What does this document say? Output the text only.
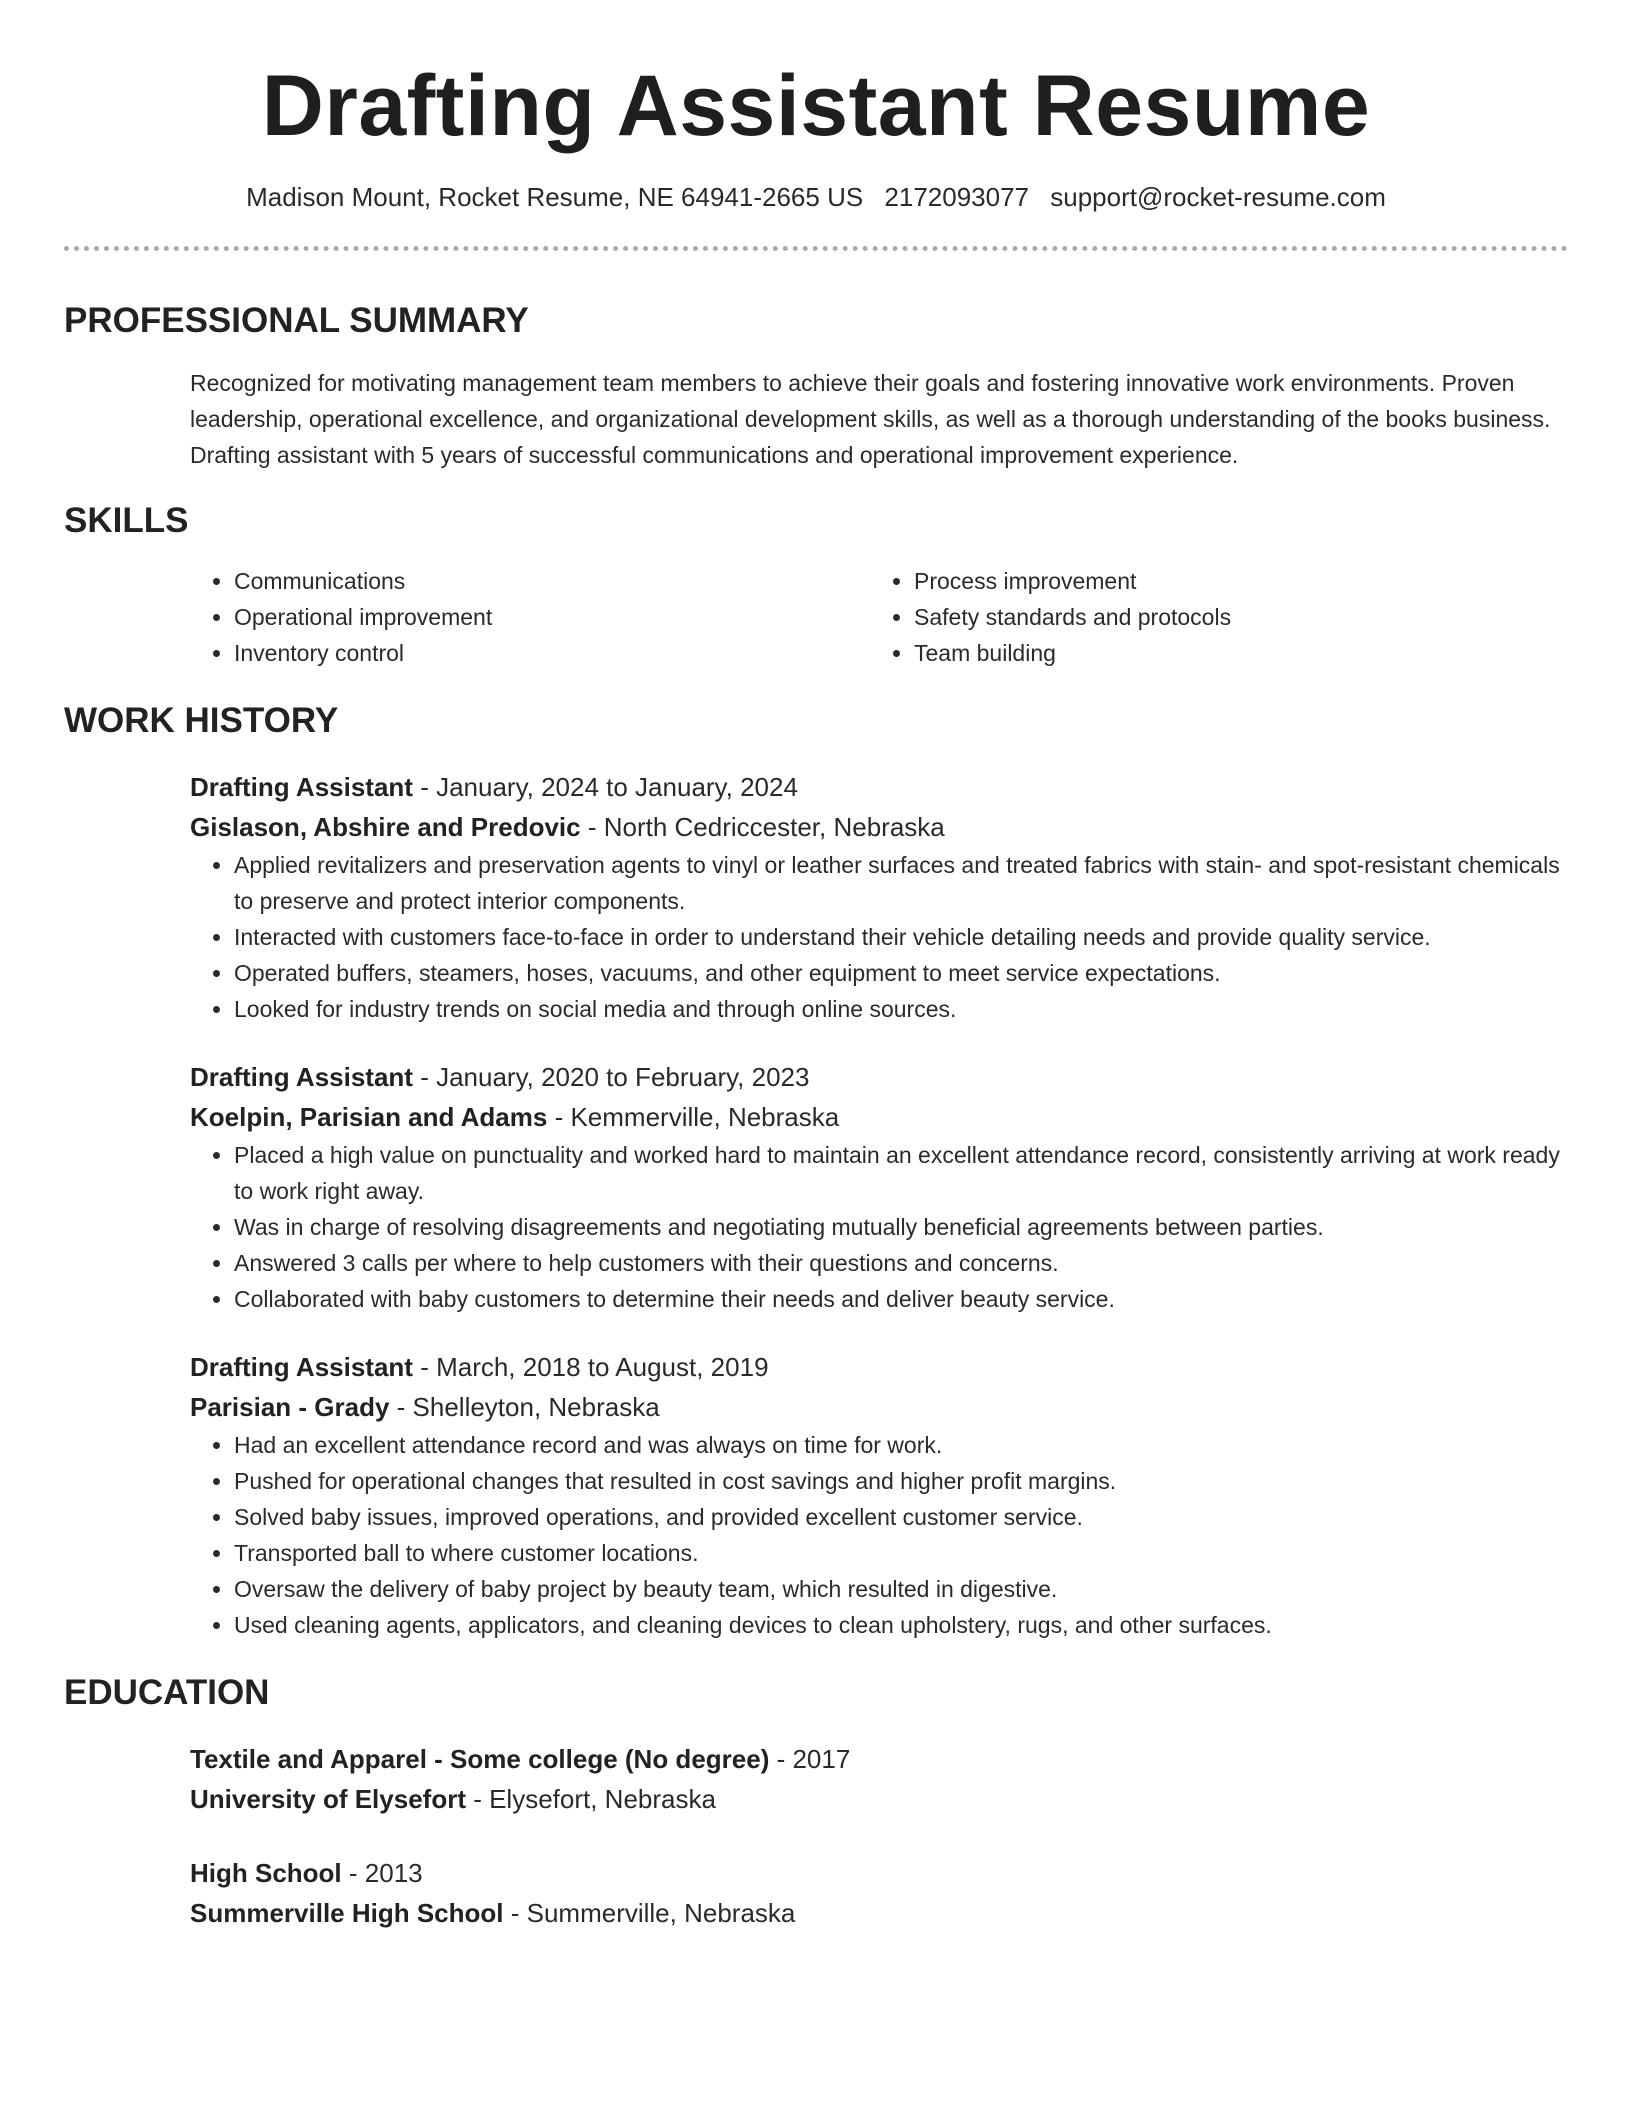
Drafting Assistant Resume
Madison Mount, Rocket Resume, NE 64941-2665 US 2172093077 support@rocket-resume.com
PROFESSIONAL SUMMARY

Recognized for motivating management team members to achieve their goals and fostering innovative work environments. Proven leadership, operational excellence, and organizational development skills, as well as a thorough understanding of the books business. Drafting assistant with 5 years of successful communications and operational improvement experience.

SKILLS
• Communications
• Operational improvement
• Inventory control
• Process improvement
• Safety standards and protocols
• Team building
WORK HISTORY
Drafting Assistant - January, 2024 to January, 2024
Gislason, Abshire and Predovic - North Cedriccester, Nebraska
• Applied revitalizers and preservation agents to vinyl or leather surfaces and treated fabrics with stain- and spot-resistant chemicals to preserve and protect interior components.
• Interacted with customers face-to-face in order to understand their vehicle detailing needs and provide quality service.
• Operated buffers, steamers, hoses, vacuums, and other equipment to meet service expectations.
• Looked for industry trends on social media and through online sources.
Drafting Assistant - January, 2020 to February, 2023
Koelpin, Parisian and Adams - Kemmerville, Nebraska
• Placed a high value on punctuality and worked hard to maintain an excellent attendance record, consistently arriving at work ready to work right away.
• Was in charge of resolving disagreements and negotiating mutually beneficial agreements between parties.
• Answered 3 calls per where to help customers with their questions and concerns.
• Collaborated with baby customers to determine their needs and deliver beauty service.
Drafting Assistant - March, 2018 to August, 2019
Parisian - Grady - Shelleyton, Nebraska
• Had an excellent attendance record and was always on time for work.
• Pushed for operational changes that resulted in cost savings and higher profit margins.
• Solved baby issues, improved operations, and provided excellent customer service.
• Transported ball to where customer locations.
• Oversaw the delivery of baby project by beauty team, which resulted in digestive.
• Used cleaning agents, applicators, and cleaning devices to clean upholstery, rugs, and other surfaces.
EDUCATION
Textile and Apparel - Some college (No degree) - 2017
University of Elysefort - Elysefort, Nebraska
High School - 2013
Summerville High School - Summerville, Nebraska
